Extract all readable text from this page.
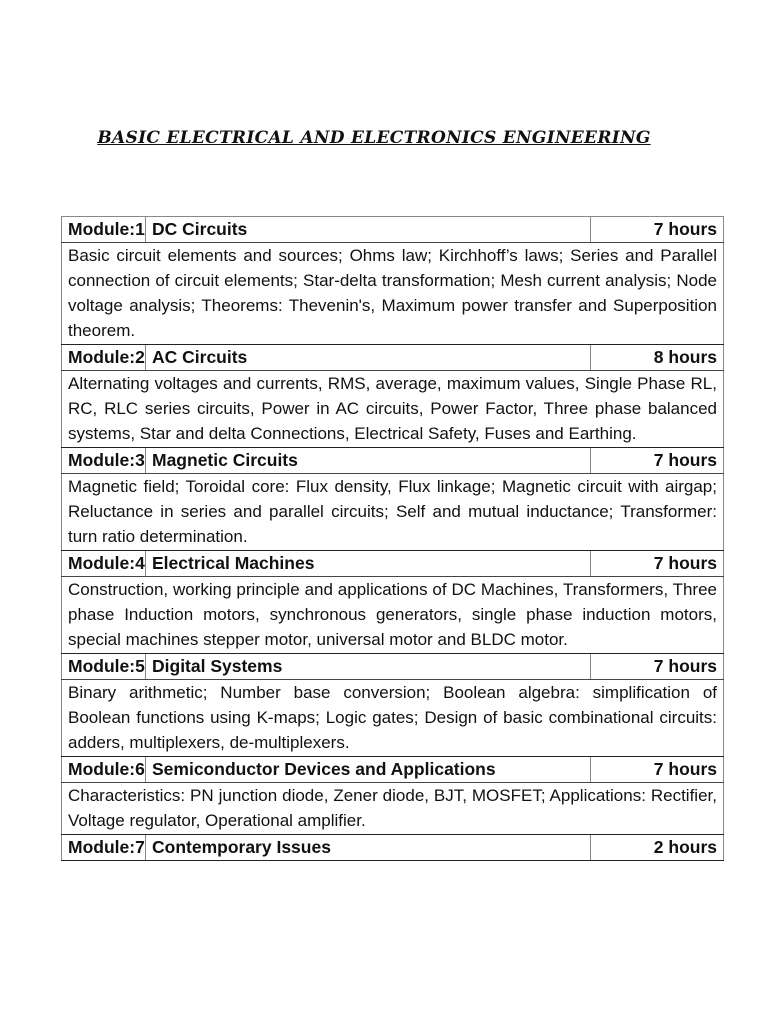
BASIC ELECTRICAL AND ELECTRONICS ENGINEERING
Module:1	DC Circuits	7 hours
Basic circuit elements and sources; Ohms law; Kirchhoff’s laws; Series and Parallel connection of circuit elements; Star-delta transformation; Mesh current analysis; Node voltage analysis; Theorems: Thevenin's, Maximum power transfer and Superposition theorem.		
Module:2	AC Circuits	8 hours
Alternating voltages and currents, RMS, average, maximum values, Single Phase RL, RC, RLC series circuits, Power in AC circuits, Power Factor, Three phase balanced systems, Star and delta Connections, Electrical Safety, Fuses and Earthing.		
Module:3	Magnetic Circuits	7 hours
Magnetic field; Toroidal core: Flux density, Flux linkage; Magnetic circuit with airgap; Reluctance in series and parallel circuits; Self and mutual inductance; Transformer: turn ratio determination.		
Module:4	Electrical Machines	7 hours
Construction, working principle and applications of DC Machines, Transformers, Three phase Induction motors, synchronous generators, single phase induction motors, special machines stepper motor, universal motor and BLDC motor.		
Module:5	Digital Systems	7 hours
Binary arithmetic; Number base conversion; Boolean algebra: simplification of Boolean functions using K-maps; Logic gates; Design of basic combinational circuits: adders, multiplexers, de-multiplexers.		
Module:6	Semiconductor Devices and Applications	7 hours
Characteristics: PN junction diode, Zener diode, BJT, MOSFET; Applications: Rectifier, Voltage regulator, Operational amplifier.		
Module:7	Contemporary Issues	2 hours
